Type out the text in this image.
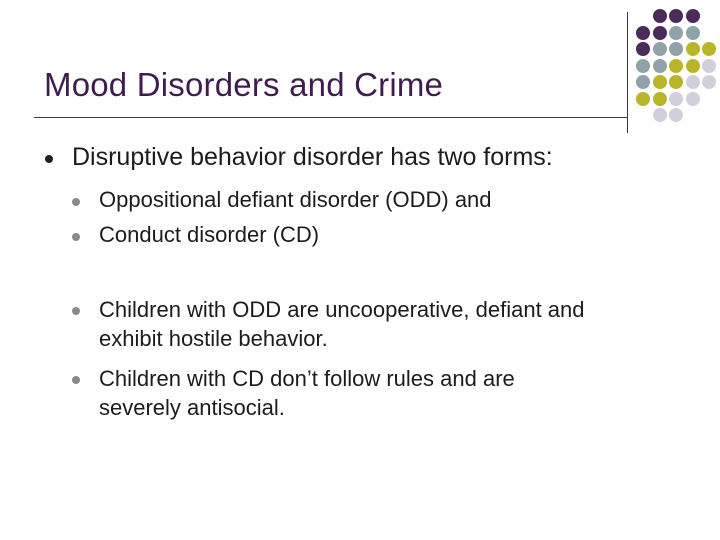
Mood Disorders and Crime
Disruptive behavior disorder has two forms:
Oppositional defiant disorder (ODD) and
Conduct disorder (CD)
Children with ODD are uncooperative, defiant and
exhibit hostile behavior.
Children with CD don’t follow rules and are
severely antisocial.
